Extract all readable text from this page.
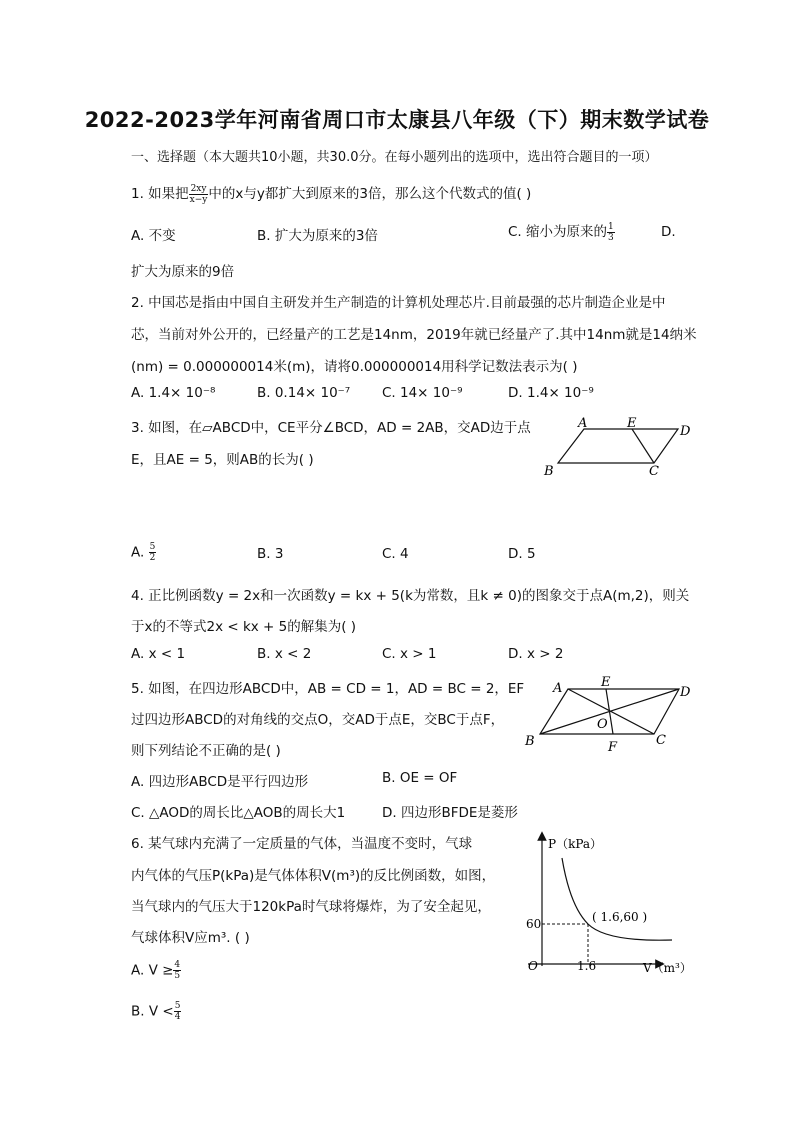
2022-2023学年河南省周口市太康县八年级（下）期末数学试卷
一、选择题（本大题共10小题，共30.0分。在每小题列出的选项中，选出符合题目的一项）
1. 如果把 $\frac{2xy}{x-y}$ 中的x与y都扩大到原来的3倍，那么这个代数式的值( )
A. 不变	B. 扩大为原来的3倍	C. 缩小为原来的 $\frac{1}{3}$	D.
扩大为原来的9倍
2. 中国芯是指由中国自主研发并生产制造的计算机处理芯片.目前最强的芯片制造企业是中
芯，当前对外公开的，已经量产的工艺是14nm，2019年就已经量产了.其中14nm就是14纳米
(nm) = 0.000000014米(m)，请将0.000000014用科学记数法表示为( )
A. 1.4× 10⁻⁸	B. 0.14× 10⁻⁷ C. 14× 10⁻⁹	D. 1.4× 10⁻⁹
3. 如图，在▱ABCD中，CE平分∠BCD，AD = 2AB，交AD边于点
E，且AE = 5，则AB的长为( )
A	E
D
B	C
A. $\frac{5}{2}$	B. 3	C. 4	D. 5
4. 正比例函数y = 2x和一次函数y = kx + 5(k为常数，且k ≠ 0)的图象交于点A(m,2)，则关
于x的不等式2x < kx + 5的解集为( )
A. x < 1	B. x < 2	C. x > 1	D. x > 2
5. 如图，在四边形ABCD中，AB = CD = 1，AD = BC = 2，EF
过四边形ABCD的对角线的交点O，交AD于点E，交BC于点F，
则下列结论不正确的是( )
A	E
D
O
B	F	C
A. 四边形ABCD是平行四边形	B. OE = OF
C. △AOD的周长比△AOB的周长大1	D. 四边形BFDE是菱形
6. 某气球内充满了一定质量的气体，当温度不变时，气球
内气体的气压P(kPa)是气体体积V(m³)的反比例函数，如图，
当气球内的气压大于120kPa时气球将爆炸，为了安全起见，
气球体积V应m³. ( )
P（kPa）
V（m³）
O
60
1.6
( 1.6,60 )
A. $V \ge \frac{4}{5}$
B. $V < \frac{5}{4}$
